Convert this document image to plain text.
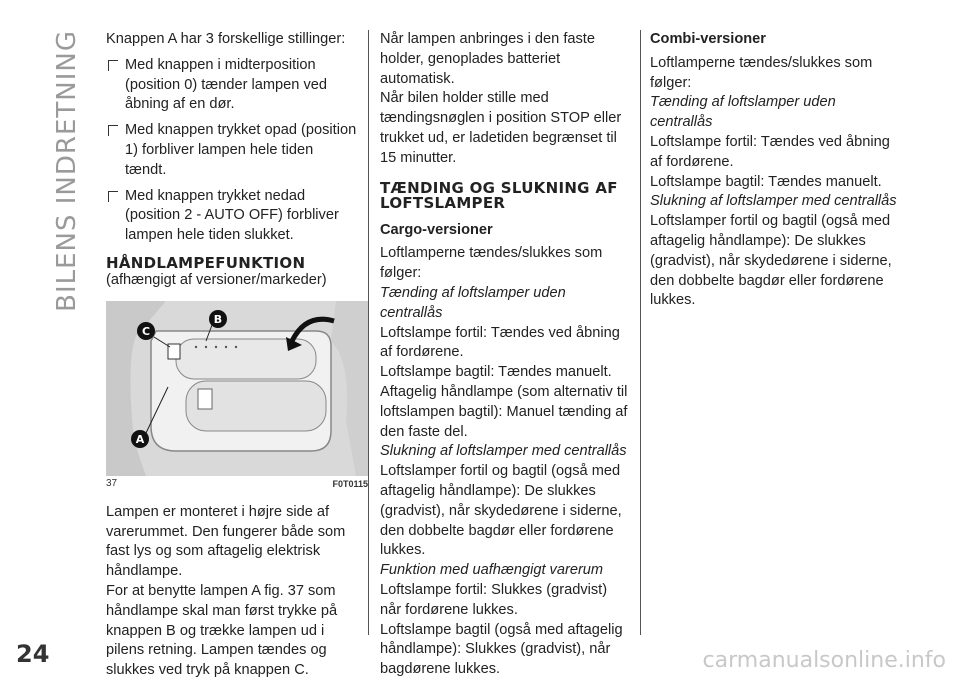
BILENS INDRETNING
24	carmanualsonline.info

Knappen A har 3 forskellige stillinger:

Med knappen i midterposition (position 0) tænder lampen ved åbning af en dør.
Med knappen trykket opad (position 1) forbliver lampen hele tiden tændt.
Med knappen trykket nedad (position 2 - AUTO OFF) forbliver lampen hele tiden slukket.
HÅNDLAMPEFUNKTION

(afhængigt af versioner/markeder)

A
C
B
37	F0T0115

Lampen er monteret i højre side af varerummet. Den fungerer både som fast lys og som aftagelig elektrisk håndlampe.

For at benytte lampen A fig. 37 som håndlampe skal man først trykke på knappen B og trække lampen ud i pilens retning. Lampen tændes og slukkes ved tryk på knappen C.

Når lampen anbringes i den faste holder, genoplades batteriet automatisk.

Når bilen holder stille med tændingsnøglen i position STOP eller trukket ud, er ladetiden begrænset til 15 minutter.

TÆNDING OG SLUKNING AF LOFTSLAMPER
Cargo-versioner

Loftlamperne tændes/slukkes som følger:

Tænding af loftslamper uden centrallås

Loftslampe fortil: Tændes ved åbning af fordørene.

Loftslampe bagtil: Tændes manuelt.

Aftagelig håndlampe (som alternativ til loftslampen bagtil): Manuel tænding af den faste del.

Slukning af loftslamper med centrallås

Loftslamper fortil og bagtil (også med aftagelig håndlampe): De slukkes (gradvist), når skydedørene i siderne, den dobbelte bagdør eller fordørene lukkes.

Funktion med uafhængigt varerum

Loftslampe fortil: Slukkes (gradvist) når fordørene lukkes.

Loftslampe bagtil (også med aftagelig håndlampe): Slukkes (gradvist), når bagdørene lukkes.

Combi-versioner

Loftlamperne tændes/slukkes som følger:

Tænding af loftslamper uden centrallås

Loftslampe fortil: Tændes ved åbning af fordørene.

Loftslampe bagtil: Tændes manuelt.

Slukning af loftslamper med centrallås

Loftslamper fortil og bagtil (også med aftagelig håndlampe): De slukkes (gradvist), når skydedørene i siderne, den dobbelte bagdør eller fordørene lukkes.
